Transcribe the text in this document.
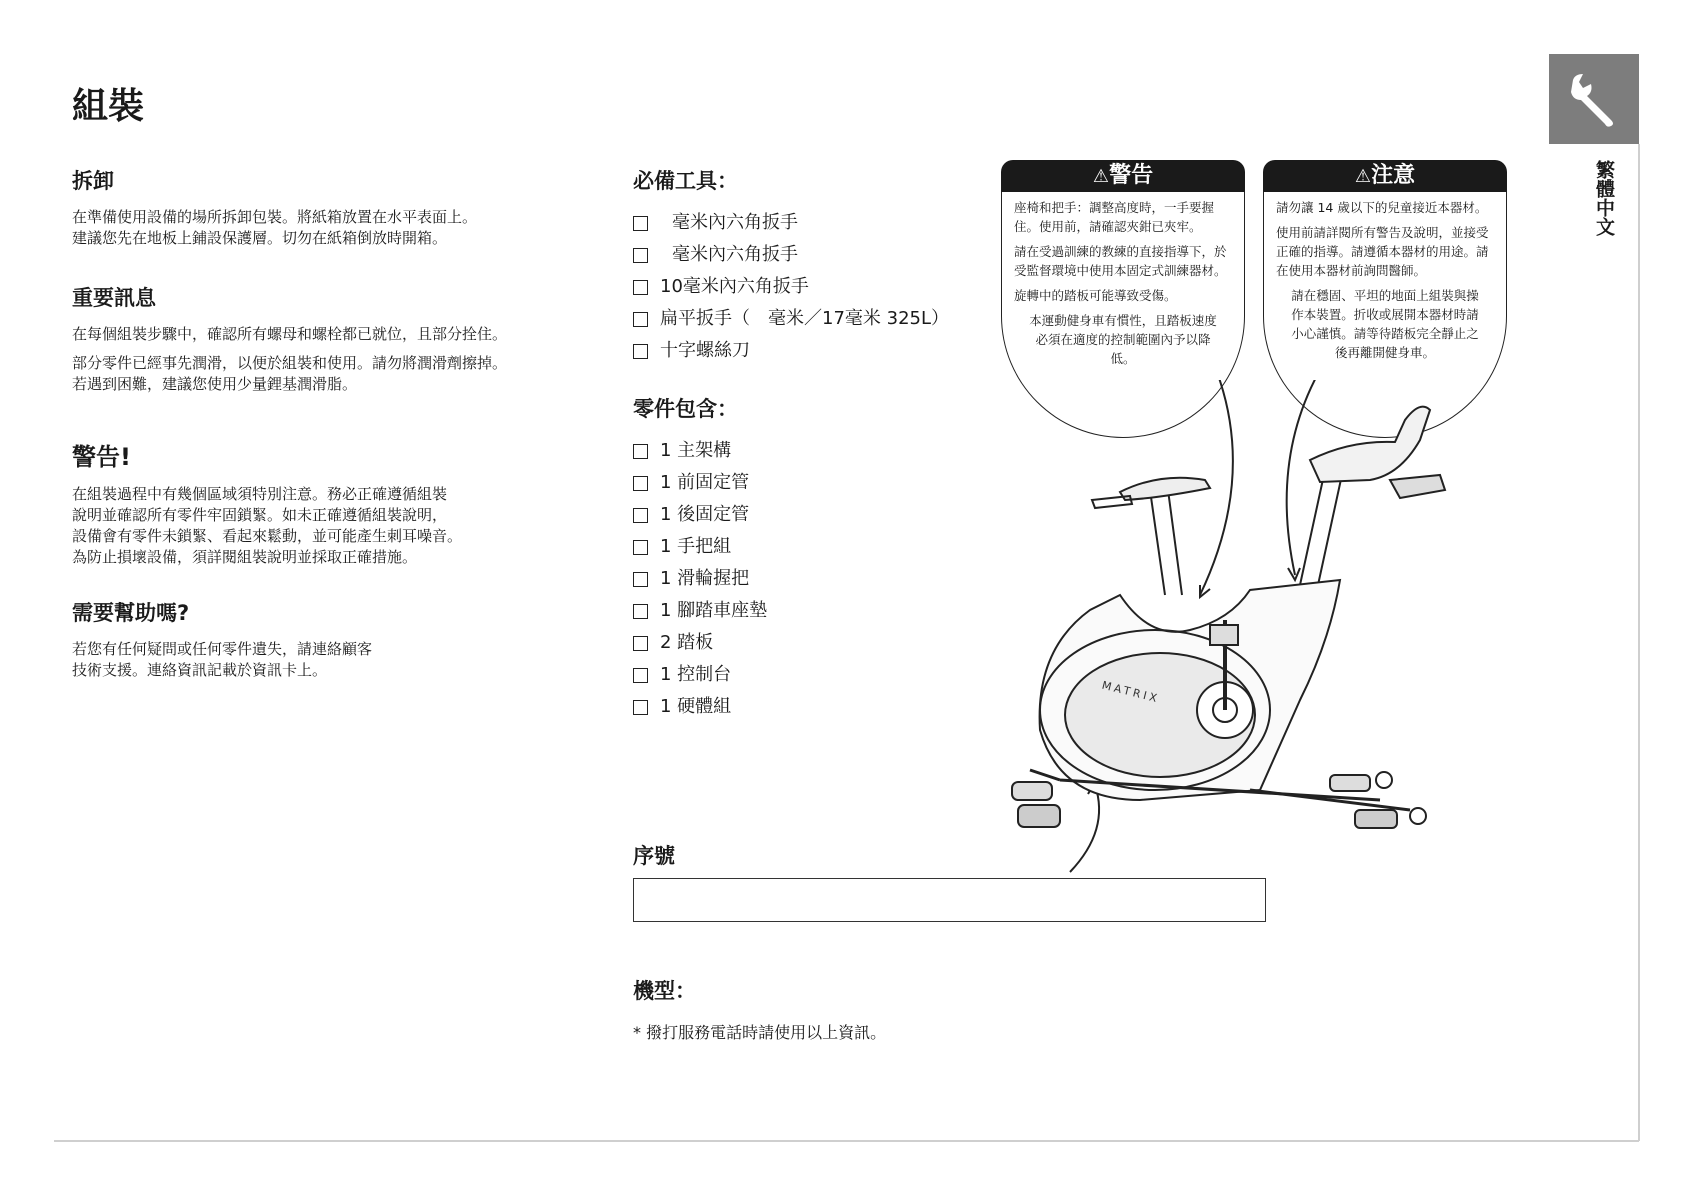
組裝
拆卸

在準備使用設備的場所拆卸包裝。將紙箱放置在水平表面上。
建議您先在地板上鋪設保護層。切勿在紙箱倒放時開箱。

重要訊息

在每個組裝步驟中，確認所有螺母和螺栓都已就位，且部分拴住。

部分零件已經事先潤滑，以便於組裝和使用。請勿將潤滑劑擦掉。
若遇到困難，建議您使用少量鋰基潤滑脂。

警告!

在組裝過程中有幾個區域須特別注意。務必正確遵循組裝
說明並確認所有零件牢固鎖緊。如未正確遵循組裝說明，
設備會有零件未鎖緊、看起來鬆動，並可能產生刺耳噪音。
為防止損壞設備，須詳閱組裝說明並採取正確措施。

需要幫助嗎?

若您有任何疑問或任何零件遺失，請連絡顧客
技術支援。連絡資訊記載於資訊卡上。

必備工具：
毫米內六角扳手
毫米內六角扳手
10毫米內六角扳手
扁平扳手（　毫米／17毫米 325L）
十字螺絲刀
零件包含：
1 主架構
1 前固定管
1 後固定管
1 手把組
1 滑輪握把
1 腳踏車座墊
2 踏板
1 控制台
1 硬體組
序號
機型：
* 撥打服務電話時請使用以上資訊。
⚠警告

座椅和把手：調整高度時，一手要握住。使用前，請確認夾鉗已夾牢。

請在受過訓練的教練的直接指導下，於受監督環境中使用本固定式訓練器材。

旋轉中的踏板可能導致受傷。

本運動健身車有慣性，且踏板速度必須在適度的控制範圍內予以降低。

⚠注意

請勿讓 14 歲以下的兒童接近本器材。

使用前請詳閱所有警告及說明，並接受正確的指導。請遵循本器材的用途。請在使用本器材前詢問醫師。

請在穩固、平坦的地面上組裝與操作本裝置。折收或展開本器材時請小心謹慎。請等待踏板完全靜止之後再離開健身車。

MATRIX
繁體中文
